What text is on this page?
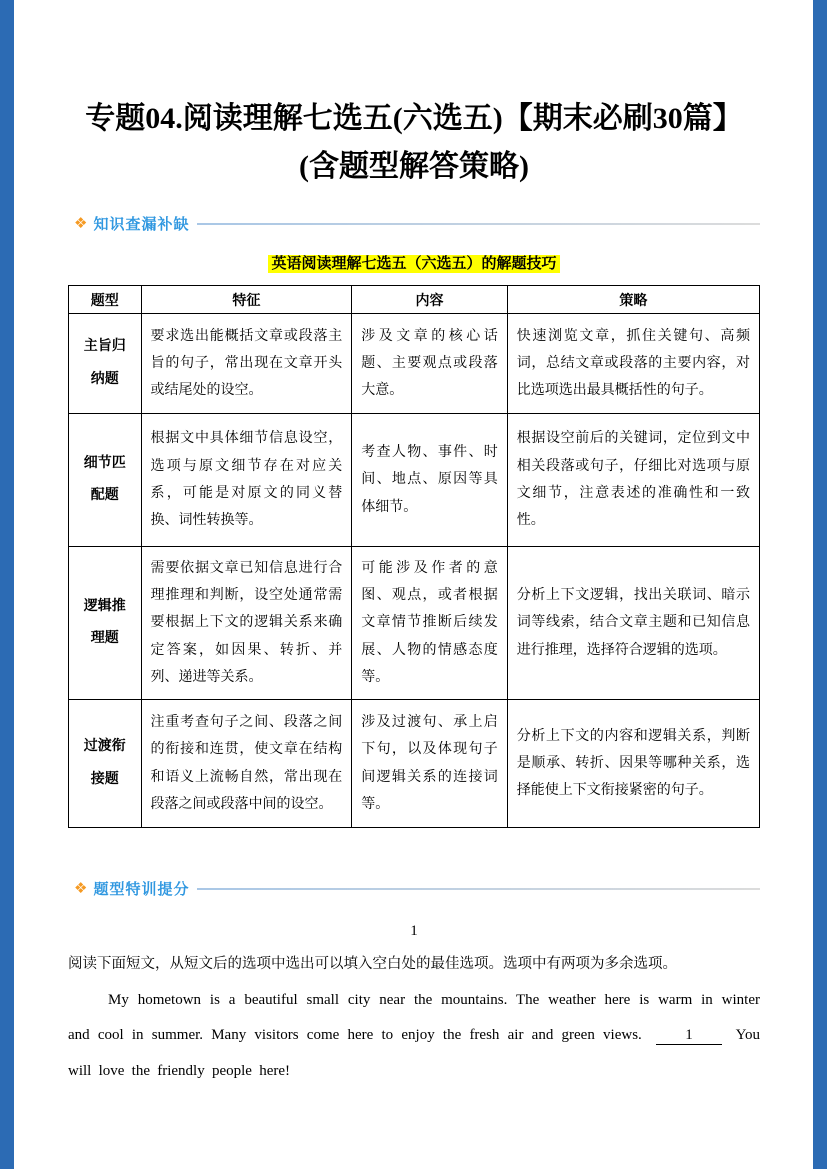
专题04.阅读理解七选五(六选五)【期末必刷30篇】
(含题型解答策略)
❖ 知识查漏补缺
英语阅读理解七选五（六选五）的解题技巧
题型	特征	内容	策略
主旨归纳题	要求选出能概括文章或段落主旨的句子，常出现在文章开头或结尾处的设空。	涉及文章的核心话题、主要观点或段落大意。	快速浏览文章，抓住关键句、高频词，总结文章或段落的主要内容，对比选项选出最具概括性的句子。
细节匹配题	根据文中具体细节信息设空，选项与原文细节存在对应关系，可能是对原文的同义替换、词性转换等。	考查人物、事件、时间、地点、原因等具体细节。	根据设空前后的关键词，定位到文中相关段落或句子，仔细比对选项与原文细节，注意表述的准确性和一致性。
逻辑推理题	需要依据文章已知信息进行合理推理和判断，设空处通常需要根据上下文的逻辑关系来确定答案，如因果、转折、并列、递进等关系。	可能涉及作者的意图、观点，或者根据文章情节推断后续发展、人物的情感态度等。	分析上下文逻辑，找出关联词、暗示词等线索，结合文章主题和已知信息进行推理，选择符合逻辑的选项。
过渡衔接题	注重考查句子之间、段落之间的衔接和连贯，使文章在结构和语义上流畅自然，常出现在段落之间或段落中间的设空。	涉及过渡句、承上启下句，以及体现句子间逻辑关系的连接词等。	分析上下文的内容和逻辑关系，判断是顺承、转折、因果等哪种关系，选择能使上下文衔接紧密的句子。
❖ 题型特训提分
1

阅读下面短文，从短文后的选项中选出可以填入空白处的最佳选项。选项中有两项为多余选项。

My hometown is a beautiful small city near the mountains. The weather here is warm in winter and cool in summer. Many visitors come here to enjoy the fresh air and green views.	1	You will love the friendly people here!
